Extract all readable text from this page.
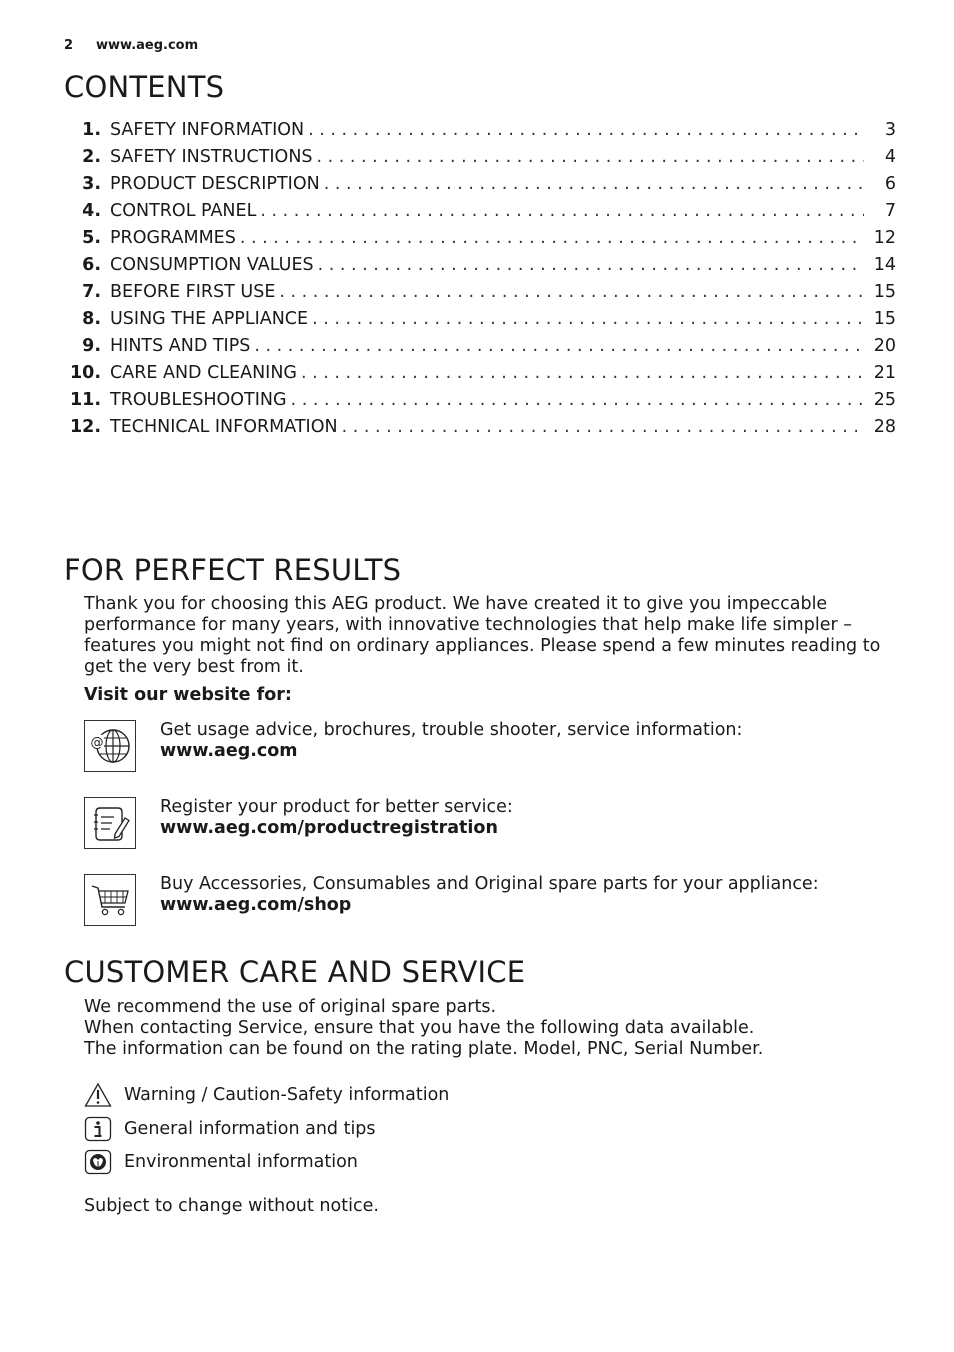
2	www.aeg.com
CONTENTS
1. SAFETY INFORMATION . . .	3
2. SAFETY INSTRUCTIONS . . .	4
3. PRODUCT DESCRIPTION . . .	6
4. CONTROL PANEL . . .	7
5. PROGRAMMES . . .	12
6. CONSUMPTION VALUES . . .	14
7. BEFORE FIRST USE . . .	15
8. USING THE APPLIANCE . . .	15
9. HINTS AND TIPS . . .	20
10. CARE AND CLEANING . . .	21
11. TROUBLESHOOTING . . .	25
12. TECHNICAL INFORMATION . . .	28
FOR PERFECT RESULTS

Thank you for choosing this AEG product. We have created it to give you impeccable performance for many years, with innovative technologies that help make life simpler – features you might not find on ordinary appliances. Please spend a few minutes reading to get the very best from it.

Visit our website for:

@
Get usage advice, brochures, trouble shooter, service information:
www.aeg.com
Register your product for better service:
www.aeg.com/productregistration
Buy Accessories, Consumables and Original spare parts for your appliance:
www.aeg.com/shop
CUSTOMER CARE AND SERVICE
We recommend the use of original spare parts.
When contacting Service, ensure that you have the following data available.
The information can be found on the rating plate. Model, PNC, Serial Number.
Warning / Caution-Safety information
General information and tips
Environmental information

Subject to change without notice.
